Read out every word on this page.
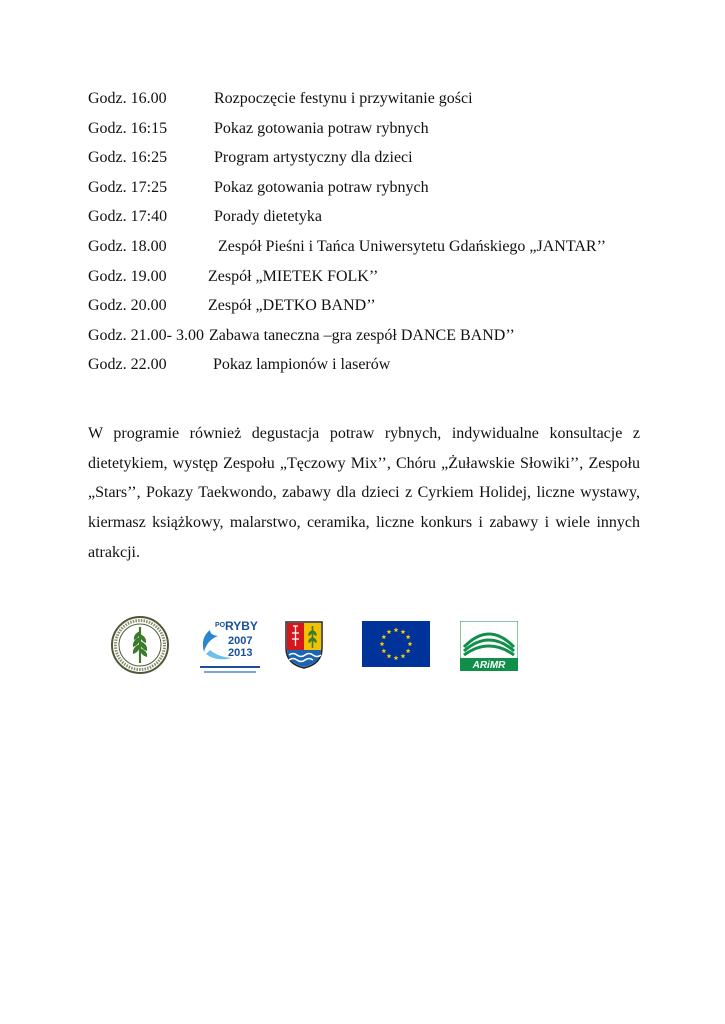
Godz. 16.00	Rozpoczęcie festynu i przywitanie gości
Godz. 16:15	Pokaz gotowania potraw rybnych
Godz. 16:25	Program artystyczny dla dzieci
Godz. 17:25	Pokaz gotowania potraw rybnych
Godz. 17:40	Porady dietetyka
Godz. 18.00	Zespół Pieśni i Tańca Uniwersytetu Gdańskiego „JANTAR’’
Godz. 19.00	Zespół „MIETEK FOLK’’
Godz. 20.00	Zespół „DETKO BAND’’
Godz. 21.00- 3.00 Zabawa taneczna –gra zespół DANCE BAND’’
Godz. 22.00	Pokaz lampionów i laserów

W programie również degustacja potraw rybnych, indywidualne konsultacje z dietetykiem, występ Zespołu „Tęczowy Mix’’, Chóru „Żuławskie Słowiki’’, Zespołu „Stars’’, Pokazy Taekwondo, zabawy dla dzieci z Cyrkiem Holidej, liczne wystawy, kiermasz książkowy, malarstwo, ceramika, liczne konkurs i zabawy i wiele innych atrakcji.

PO RYBY
2007
2013
ARiMR
